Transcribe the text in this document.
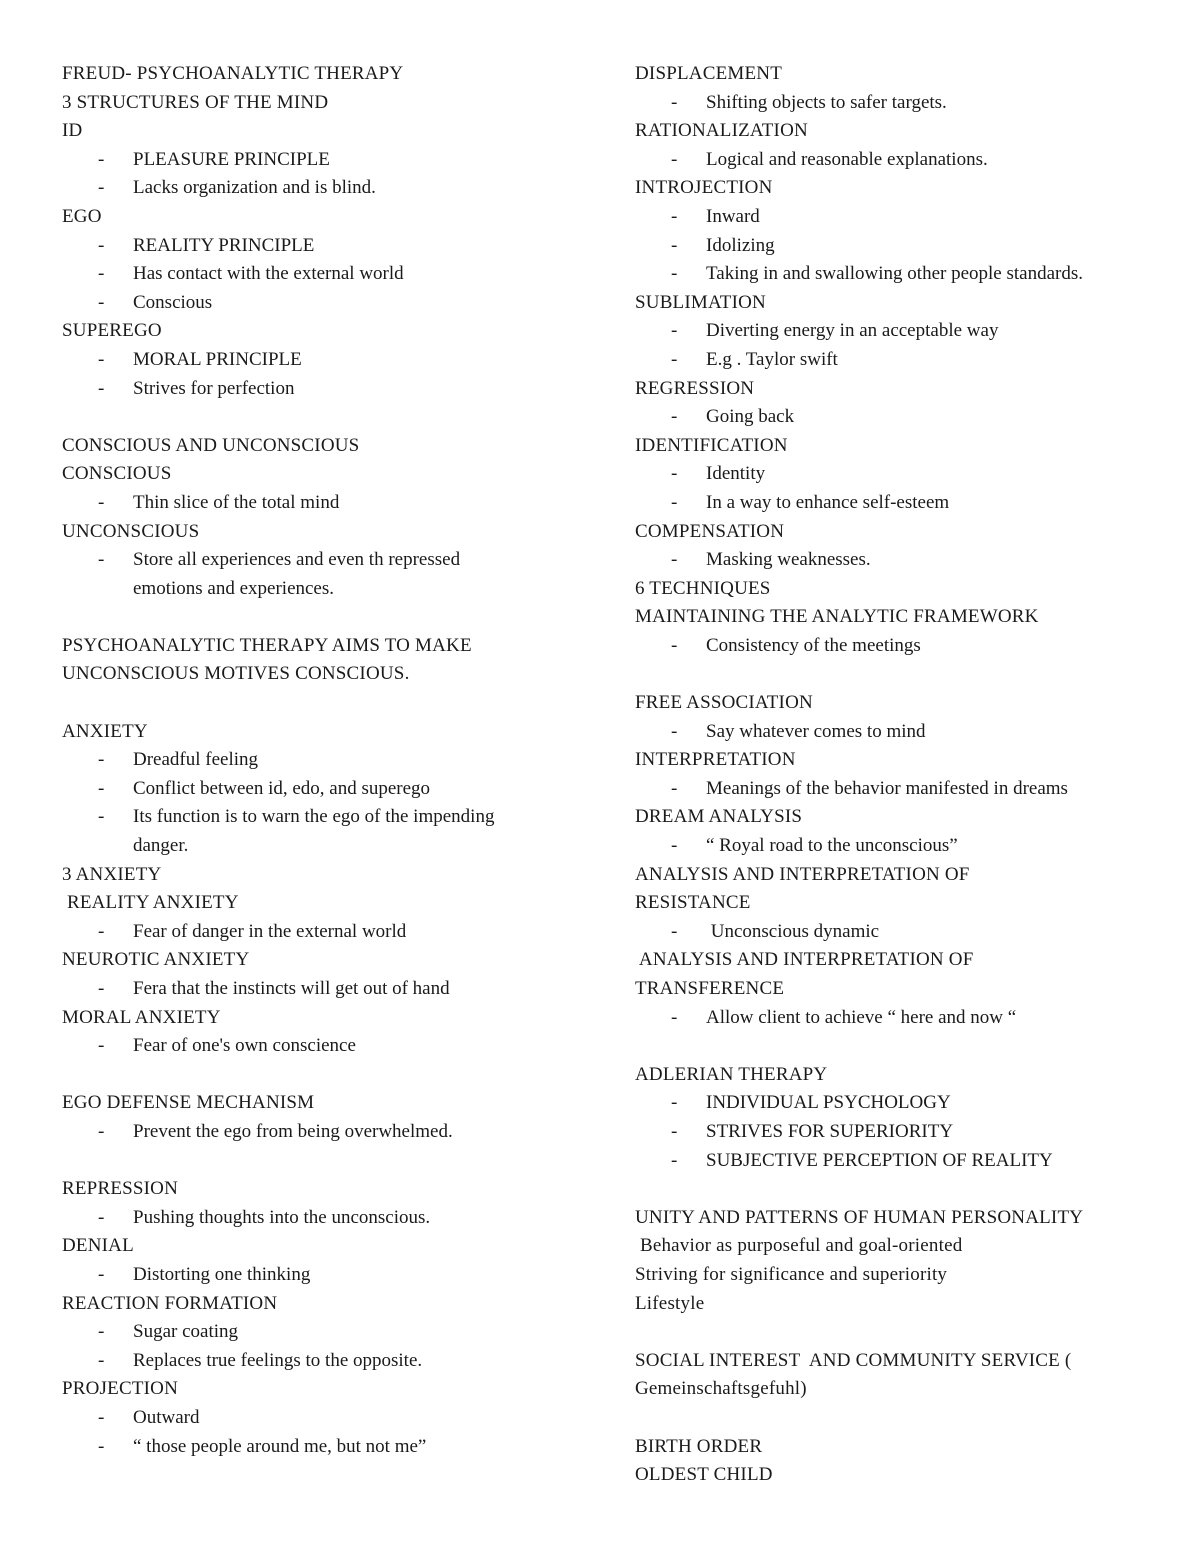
FREUD- PSYCHOANALYTIC THERAPY
3 STRUCTURES OF THE MIND
ID
- PLEASURE PRINCIPLE
- Lacks organization and is blind.
EGO
- REALITY PRINCIPLE
- Has contact with the external world
- Conscious
SUPEREGO
- MORAL PRINCIPLE
- Strives for perfection
CONSCIOUS AND UNCONSCIOUS
CONSCIOUS
- Thin slice of the total mind
UNCONSCIOUS
- Store all experiences and even th repressed
emotions and experiences.
PSYCHOANALYTIC THERAPY AIMS TO MAKE
UNCONSCIOUS MOTIVES CONSCIOUS.
ANXIETY
- Dreadful feeling
- Conflict between id, edo, and superego
- Its function is to warn the ego of the impending
danger.
3 ANXIETY
REALITY ANXIETY
- Fear of danger in the external world
NEUROTIC ANXIETY
- Fera that the instincts will get out of hand
MORAL ANXIETY
- Fear of one's own conscience
EGO DEFENSE MECHANISM
- Prevent the ego from being overwhelmed.
REPRESSION
- Pushing thoughts into the unconscious.
DENIAL
- Distorting one thinking
REACTION FORMATION
- Sugar coating
- Replaces true feelings to the opposite.
PROJECTION
- Outward
- “ those people around me, but not me”
DISPLACEMENT
- Shifting objects to safer targets.
RATIONALIZATION
- Logical and reasonable explanations.
INTROJECTION
- Inward
- Idolizing
- Taking in and swallowing other people standards.
SUBLIMATION
- Diverting energy in an acceptable way
- E.g . Taylor swift
REGRESSION
- Going back
IDENTIFICATION
- Identity
- In a way to enhance self-esteem
COMPENSATION
- Masking weaknesses.
6 TECHNIQUES
MAINTAINING THE ANALYTIC FRAMEWORK
- Consistency of the meetings
FREE ASSOCIATION
- Say whatever comes to mind
INTERPRETATION
- Meanings of the behavior manifested in dreams
DREAM ANALYSIS
- “ Royal road to the unconscious”
ANALYSIS AND INTERPRETATION OF
RESISTANCE
- Unconscious dynamic
ANALYSIS AND INTERPRETATION OF
TRANSFERENCE
- Allow client to achieve “ here and now “
ADLERIAN THERAPY
- INDIVIDUAL PSYCHOLOGY
- STRIVES FOR SUPERIORITY
- SUBJECTIVE PERCEPTION OF REALITY
UNITY AND PATTERNS OF HUMAN PERSONALITY
Behavior as purposeful and goal-oriented
Striving for significance and superiority
Lifestyle
SOCIAL INTEREST  AND COMMUNITY SERVICE (
Gemeinschaftsgefuhl)
BIRTH ORDER
OLDEST CHILD
